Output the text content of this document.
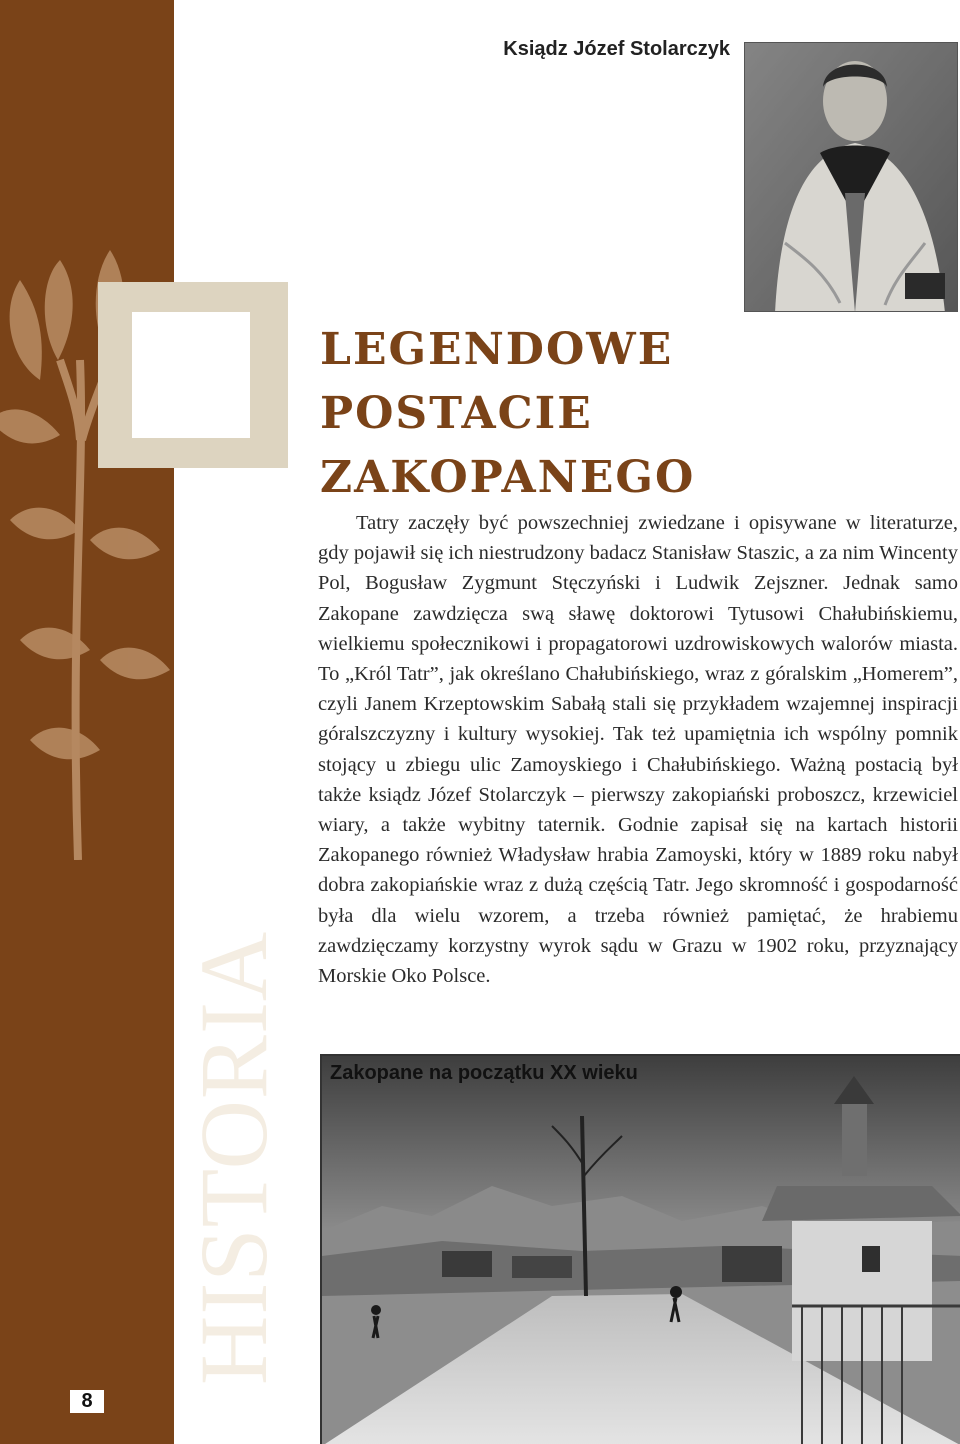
8
HISTORIA
Ksiądz Józef Stolarczyk
LEGENDOWE
POSTACIE
ZAKOPANEGO

Tatry zaczęły być powszechniej zwiedzane i opisywane w literaturze, gdy pojawił się ich niestrudzony badacz Stanisław Staszic, a za nim Wincenty Pol, Bogusław Zygmunt Stęczyński i Ludwik Zejszner. Jednak samo Zakopane zawdzięcza swą sławę doktorowi Tytusowi Chałubińskiemu, wielkiemu społecznikowi i propagatorowi uzdrowiskowych walorów miasta. To „Król Tatr”, jak określano Chałubińskiego, wraz z góralskim „Homerem”, czyli Janem Krzeptowskim Sabałą stali się przykładem wzajemnej inspiracji góralszczyzny i kultury wysokiej. Tak też upamiętnia ich wspólny pomnik stojący u zbiegu ulic Zamoyskiego i Chałubińskiego. Ważną postacią był także ksiądz Józef Stolarczyk – pierwszy zakopiański proboszcz, krzewiciel wiary, a także wybitny taternik. Godnie zapisał się na kartach historii Zakopanego również Władysław hrabia Zamoyski, który w 1889 roku nabył dobra zakopiańskie wraz z dużą częścią Tatr. Jego skromność i gospodarność była dla wielu wzorem, a trzeba również pamiętać, że hrabiemu zawdzięczamy korzystny wyrok sądu w Grazu w 1902 roku, przyznający Morskie Oko Polsce.

Zakopane na początku XX wieku
